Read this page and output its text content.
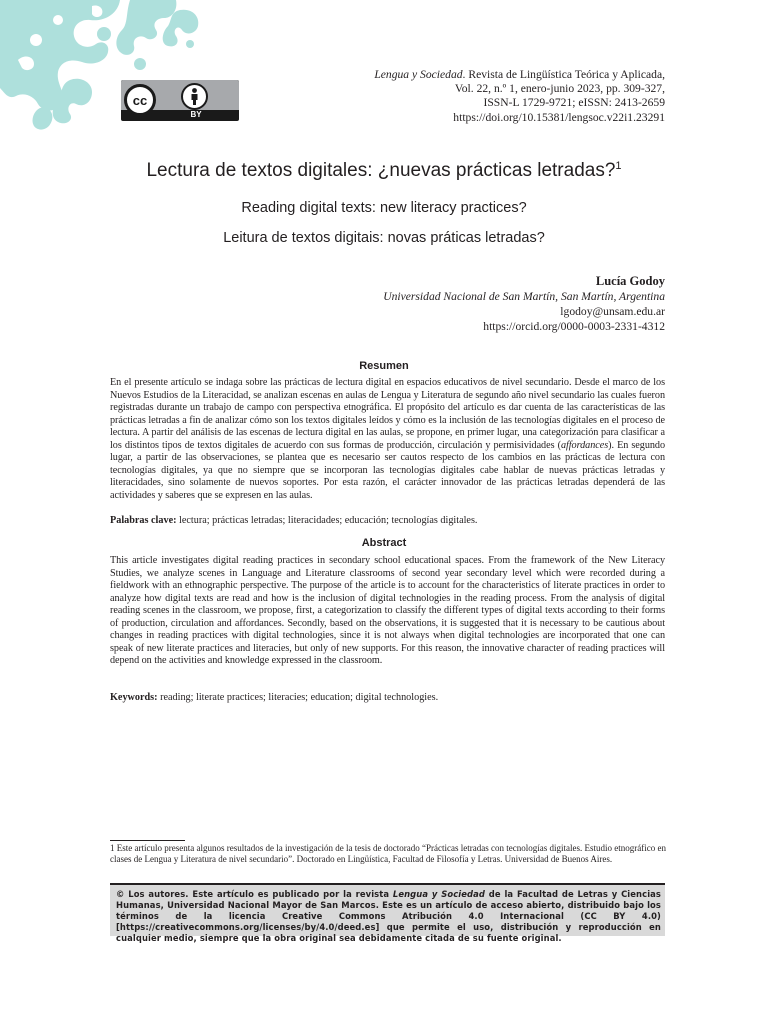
cc
BY
Lengua y Sociedad. Revista de Lingüística Teórica y Aplicada,
Vol. 22, n.º 1, enero-junio 2023, pp. 309-327,
ISSN-L 1729-9721; eISSN: 2413-2659
https://doi.org/10.15381/lengsoc.v22i1.23291
Lectura de textos digitales: ¿nuevas prácticas letradas?$^1$
Reading digital texts: new literacy practices?
Leitura de textos digitais: novas práticas letradas?
Lucía Godoy
Universidad Nacional de San Martín, San Martín, Argentina
lgodoy@unsam.edu.ar
https://orcid.org/0000-0003-2331-4312
Resumen
En el presente artículo se indaga sobre las prácticas de lectura digital en espacios educativos de nivel secundario. Desde el marco de los Nuevos Estudios de la Literacidad, se analizan escenas en aulas de Lengua y Literatura de segundo año nivel secundario las cuales fueron registradas durante un trabajo de campo con perspectiva etnográfica. El propósito del artículo es dar cuenta de las características de las prácticas letradas a fin de analizar cómo son los textos digitales leídos y cómo es la inclusión de las tecnologías digitales en el proceso de lectura. A partir del análisis de las escenas de lectura digital en las aulas, se propone, en primer lugar, una categorización para clasificar a los distintos tipos de textos digitales de acuerdo con sus formas de producción, circulación y permisividades (affordances). En segundo lugar, a partir de las observaciones, se plantea que es necesario ser cautos respecto de los cambios en las prácticas de lectura con tecnologías digitales, ya que no siempre que se incorporan las tecnologías digitales cabe hablar de nuevas prácticas letradas y literacidades, sino solamente de nuevos soportes. Por esta razón, el carácter innovador de las prácticas letradas dependerá de las actividades y saberes que se expresen en las aulas.
Palabras clave: lectura; prácticas letradas; literacidades; educación; tecnologías digitales.
Abstract
This article investigates digital reading practices in secondary school educational spaces. From the framework of the New Literacy Studies, we analyze scenes in Language and Literature classrooms of second year secondary level which were recorded during a fieldwork with an ethnographic perspective. The purpose of the article is to account for the characteristics of literate practices in order to analyze how digital texts are read and how is the inclusion of digital technologies in the reading process. From the analysis of digital reading scenes in the classroom, we propose, first, a categorization to classify the different types of digital texts according to their forms of production, circulation and affordances. Secondly, based on the observations, it is suggested that it is necessary to be cautious about changes in reading practices with digital technologies, since it is not always when digital technologies are incorporated that one can speak of new literate practices and literacies, but only of new supports. For this reason, the innovative character of reading practices will depend on the activities and knowledge expressed in the classroom.
Keywords: reading; literate practices; literacies; education; digital technologies.
1 Este artículo presenta algunos resultados de la investigación de la tesis de doctorado “Prácticas letradas con tecnologías digitales. Estudio etnográfico en clases de Lengua y Literatura de nivel secundario”. Doctorado en Lingüística, Facultad de Filosofía y Letras. Universidad de Buenos Aires.
© Los autores. Este artículo es publicado por la revista Lengua y Sociedad de la Facultad de Letras y Ciencias Humanas, Universidad Nacional Mayor de San Marcos. Este es un artículo de acceso abierto, distribuido bajo los términos de la licencia Creative Commons Atribución 4.0 Internacional (CC BY 4.0) [https://creativecommons.org/licenses/by/4.0/deed.es] que permite el uso, distribución y reproducción en cualquier medio, siempre que la obra original sea debidamente citada de su fuente original.
